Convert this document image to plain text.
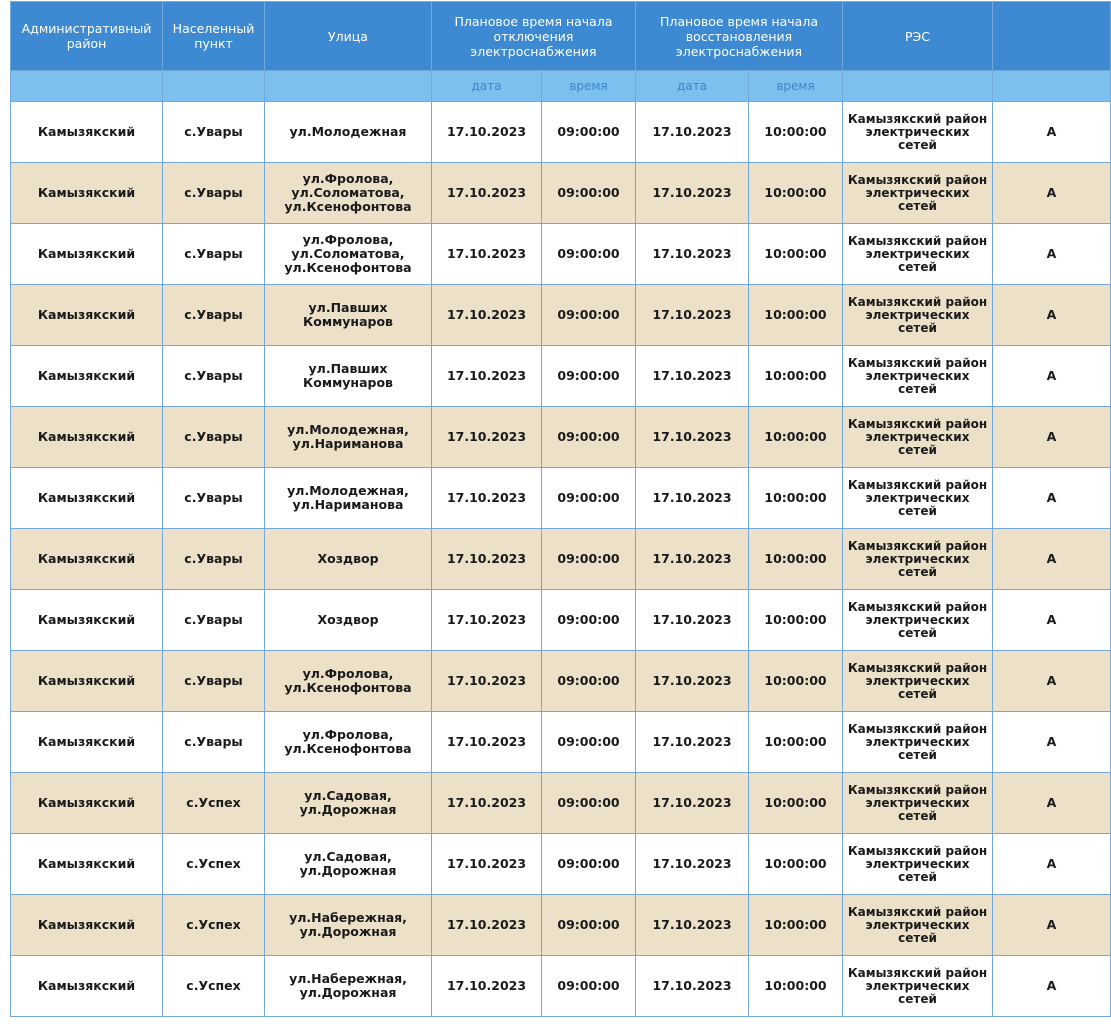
Административный район	Населенный пункт	Улица	Плановое время начала отключения электроснабжения		Плановое время начала восстановления электроснабжения		РЭС	
			дата	время	дата	время		
Камызякский	с.Увары	ул.Молодежная	17.10.2023	09:00:00	17.10.2023	10:00:00	Камызякский район электрических сетей	А
Камызякский	с.Увары	ул.Фролова, ул.Соломатова, ул.Ксенофонтова	17.10.2023	09:00:00	17.10.2023	10:00:00	Камызякский район электрических сетей	А
Камызякский	с.Увары	ул.Фролова, ул.Соломатова, ул.Ксенофонтова	17.10.2023	09:00:00	17.10.2023	10:00:00	Камызякский район электрических сетей	А
Камызякский	с.Увары	ул.Павших Коммунаров	17.10.2023	09:00:00	17.10.2023	10:00:00	Камызякский район электрических сетей	А
Камызякский	с.Увары	ул.Павших Коммунаров	17.10.2023	09:00:00	17.10.2023	10:00:00	Камызякский район электрических сетей	А
Камызякский	с.Увары	ул.Молодежная, ул.Нариманова	17.10.2023	09:00:00	17.10.2023	10:00:00	Камызякский район электрических сетей	А
Камызякский	с.Увары	ул.Молодежная, ул.Нариманова	17.10.2023	09:00:00	17.10.2023	10:00:00	Камызякский район электрических сетей	А
Камызякский	с.Увары	Хоздвор	17.10.2023	09:00:00	17.10.2023	10:00:00	Камызякский район электрических сетей	А
Камызякский	с.Увары	Хоздвор	17.10.2023	09:00:00	17.10.2023	10:00:00	Камызякский район электрических сетей	А
Камызякский	с.Увары	ул.Фролова, ул.Ксенофонтова	17.10.2023	09:00:00	17.10.2023	10:00:00	Камызякский район электрических сетей	А
Камызякский	с.Увары	ул.Фролова, ул.Ксенофонтова	17.10.2023	09:00:00	17.10.2023	10:00:00	Камызякский район электрических сетей	А
Камызякский	с.Успех	ул.Садовая, ул.Дорожная	17.10.2023	09:00:00	17.10.2023	10:00:00	Камызякский район электрических сетей	А
Камызякский	с.Успех	ул.Садовая, ул.Дорожная	17.10.2023	09:00:00	17.10.2023	10:00:00	Камызякский район электрических сетей	А
Камызякский	с.Успех	ул.Набережная, ул.Дорожная	17.10.2023	09:00:00	17.10.2023	10:00:00	Камызякский район электрических сетей	А
Камызякский	с.Успех	ул.Набережная, ул.Дорожная	17.10.2023	09:00:00	17.10.2023	10:00:00	Камызякский район электрических сетей	А
